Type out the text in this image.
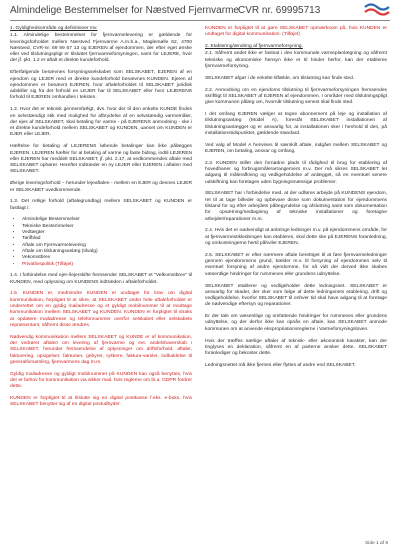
Almindelige Bestemmelser for Næstved Fjernvarme CVR nr. 69995713
1. Gyldighedsområde og definitioner mv.
1.1. Almindelige bestemmelser for fjernvarmelevering er gældende for leveringsforholdet mellem Næstved Fjernvarme A.m.b.a., Maglemølle 62, 4700 Næstved, CVR-nr. 69 99 57 13 og EJEREN af ejendommen, der efter eget ønske eller ved tilslutningspligt er tilsluttet fjernvarmeforsyningen, samt for LEJERE, hvor der jf. pkt. 1.2 er aftalt et direkte kundeforhold.
Efterfølgende benævnes forsyningsselskabet som SELSKABET, EJEREN af en ejendom og LEJER med et direkte kundeforhold benævnes KUNDEN. Ejeren af ejendommen er benævnt EJEREN, hvor aftaleforholdet til SELSKABET juridisk adskiller sig fra det forhold en LEJER har til SELSKABET eller hvor LEJERENS forhold til EJEREN omhandles i teksten.
1.2. Hvor det er teknisk gennemførligt, dvs. hvor der til den enkelte KUNDE findes en selvstændigt stik med mulighed for afbrydelse af en selvstændig varmemåler, der ejes af SELSKABET, skal betaling for varme - på EJERENS anmodning - ske i et direkte kundeforhold mellem SELSKABET og KUNDEN, uanset om KUNDEN er EJER eller LEJER.
Hæftelse for betaling af LEJERENS løbende betalinger kan ikke pålægges EJEREN. LEJEREN hæfter for al betaling af varme og faste bidrag, indtil LEJEREN eller EJEREN har meddelt SELSKABET, jf. pkt. 2.17, at vedkommendes aftale med SELSKABET ophører. Herefter indtræder en ny LEJER eller EJEREN i aftalen med SELSKABET.
Øvrige leveringsforhold – herunder lejeaftalen - mellem en EJER og dennes LEJER er SELSKABET uvedkommende.
1.3. Det retlige forhold (aftalegrundlag) mellem SELSKABET og KUNDEN er fastlagt i:
• Almindelige Bestemmelser
• Tekniske Bestemmelser
• Vedtægter
• Tarifblad
• Aftale om Fjernvarmelevering
• Aftale om tilslutningsanlæg (tilvalg)
• Vekomstbrev
• Privatlivspolitik (Tilføjet)
1.4. I forbindelse med ejer-/lejerskifte fremsender SELSKABET et "Velkomstbrev" til KUNDEN, med oplysning om KUNDENS indtræden i aftaleforholdet.
1.5. KUNDEN er, medmindre KUNDEN er undtaget for krav om digital kommunikation, forpligtet til at sikre, at SELSKABET under hele aftaleforholdet er underrettet om en gyldig mailadresse og et gyldigt mobilnummer til at modtage kommunikation mellem SELSKABET og KUNDEN. KUNDEN er forpligtet til straks at opdatere mailadresse og telefonnummer overfor selskabet eller selskabets repræsentant, såfremt disse ændres.
Nødvendig kommunikation mellem SELSKABET og KUNDE er af kommunikation, der vedrører aftalen om levering af fjernvarme og evt. andelshaverskab i SELSKABET, herunder fremsendelse af oplysninger om driftsforhold, aftaler, fakturering, opsigelser, fakturaer, gebyrer, rykkere, faktura-varsler, indkaldelse til generalforsamling, fjernvarmens dag m.m.
Gyldig mailadresse og gyldigt mobilnummer på KUNDEN kan også benyttes, hvis der er behov for kommunikation via sikker mail, hvis reglerne om bl.a. GDPR fordrer dette.
KUNDEN er forpligtet til at tilslutte sig en digital postkasse f.eks. e-boks, hvis SELSKABET benytter sig af en digital postudbyder.
KUNDEN er forpligtet til at gøre SELSKABET opmærksom på, hvis KUNDEN er undtaget for digital kommunikation. (Tilføjet)
2. Etablering/ændring af fjernvarmeforsyning.
2.1. Såfremt andet ikke er fastsat i den kommunale varmeplanlægning og såfremt tekniske og økonomiske hensyn ikke er til hinder herfor, kan der etableres fjernvarmeforsyning.
SELSKABET afgør i de enkelte tilfælde, om tilslutning kan finde sted.
2.2. Anmodning om en ejendoms tilslutning til fjernvarmeforsyningen fremsendes skriftligt til SELSKABET af EJEREN af ejendommen. I områder med tilslutningspligt give kommunen pålæg om, hvornår tilslutning senest skal finde sted.
I det omfang EJEREN vælger at tegne abonnement på leje og installation af tilslutningsanlæg (Model A), forestår SELSKABET installationen af tilslutningsanlægget og er ansvarlig for, at installationen sker i henhold til den, på installationstidspunktet, gældende standard.
Ved valg af Model A henvises til særskilt aftale, indgået mellem SELSKABET og EJEREN, om betaling, ansvar og omfang.
2.3. KUNDEN stiller den fornødne plads til rådighed til brug for etablering af hovedhaner og forbrugsmålerarrangement m.v. Der må sikres SELSKABET let adgang til målerafkning og vedligeholdelse af anlægget, så en eventuel senere udskiftning kan foretages uden bygningsmæssige problemer.
SELSKABET har i forbindelse med, at der udføres arbejde på KUNDENS ejendom, ret til at tage billeder og opbevare disse som dokumentation for ejendommens tilstand for og efter arbejdets påbegyndelse og afslutning samt som dokumentation for opsætning/nedtagning af tekniske installationer og foretagne arbejder/reparationer m.m.
2.4. Hvis det er nødvendigt at anbringe ledninger m.v. på ejendommens område, for at fjernvarmestikledningen kan etableres, skal dette ske på EJERENS foranledning, og omkostningerne hertil påhviler EJEREN.
2.5. SELSKABET er efter nærmere aftale berettiget til at føre fjernvarmeledninger gennem ejendommens grund, kælder m.v. til forsyning af ejendommen selv til eventuel forsyning af andre ejendomme, for så vidt der derved ikke skabes væsentlige hindringer for rummenes eller grundens udnyttelse.
SELSKABET etablerer og vedligeholder dette ledningsnet. SELSKABET er ansvarlig for skader, der sker som følge af dette ledningsnets etablering, drift og vedligeholdelse, hvorfor SELSKABET til enhver tid skal have adgang til at foretage de nødvendige eftersyn og reparationer.
Er der tale om væsentlige og omfattende hindringer for rummenes eller grundens udnyttelse, og der derfor ikke kan opnås en aftale, kan SELSKABET anmode kommunen om at anvende ekspropriationsreglerne i Varmeforsyningsloven.
Hvis der træffes særlige aftaler af teknisk- eller økonomisk karakter, kan der tinglyses en deklaration, såfremt en af parterne ønsker dette. SELSKABET foranlediger og bekoster dette.
Ledningsnettet må ikke fjernes eller flyttes af andre end SELSKABET.
Side 1 af 8
